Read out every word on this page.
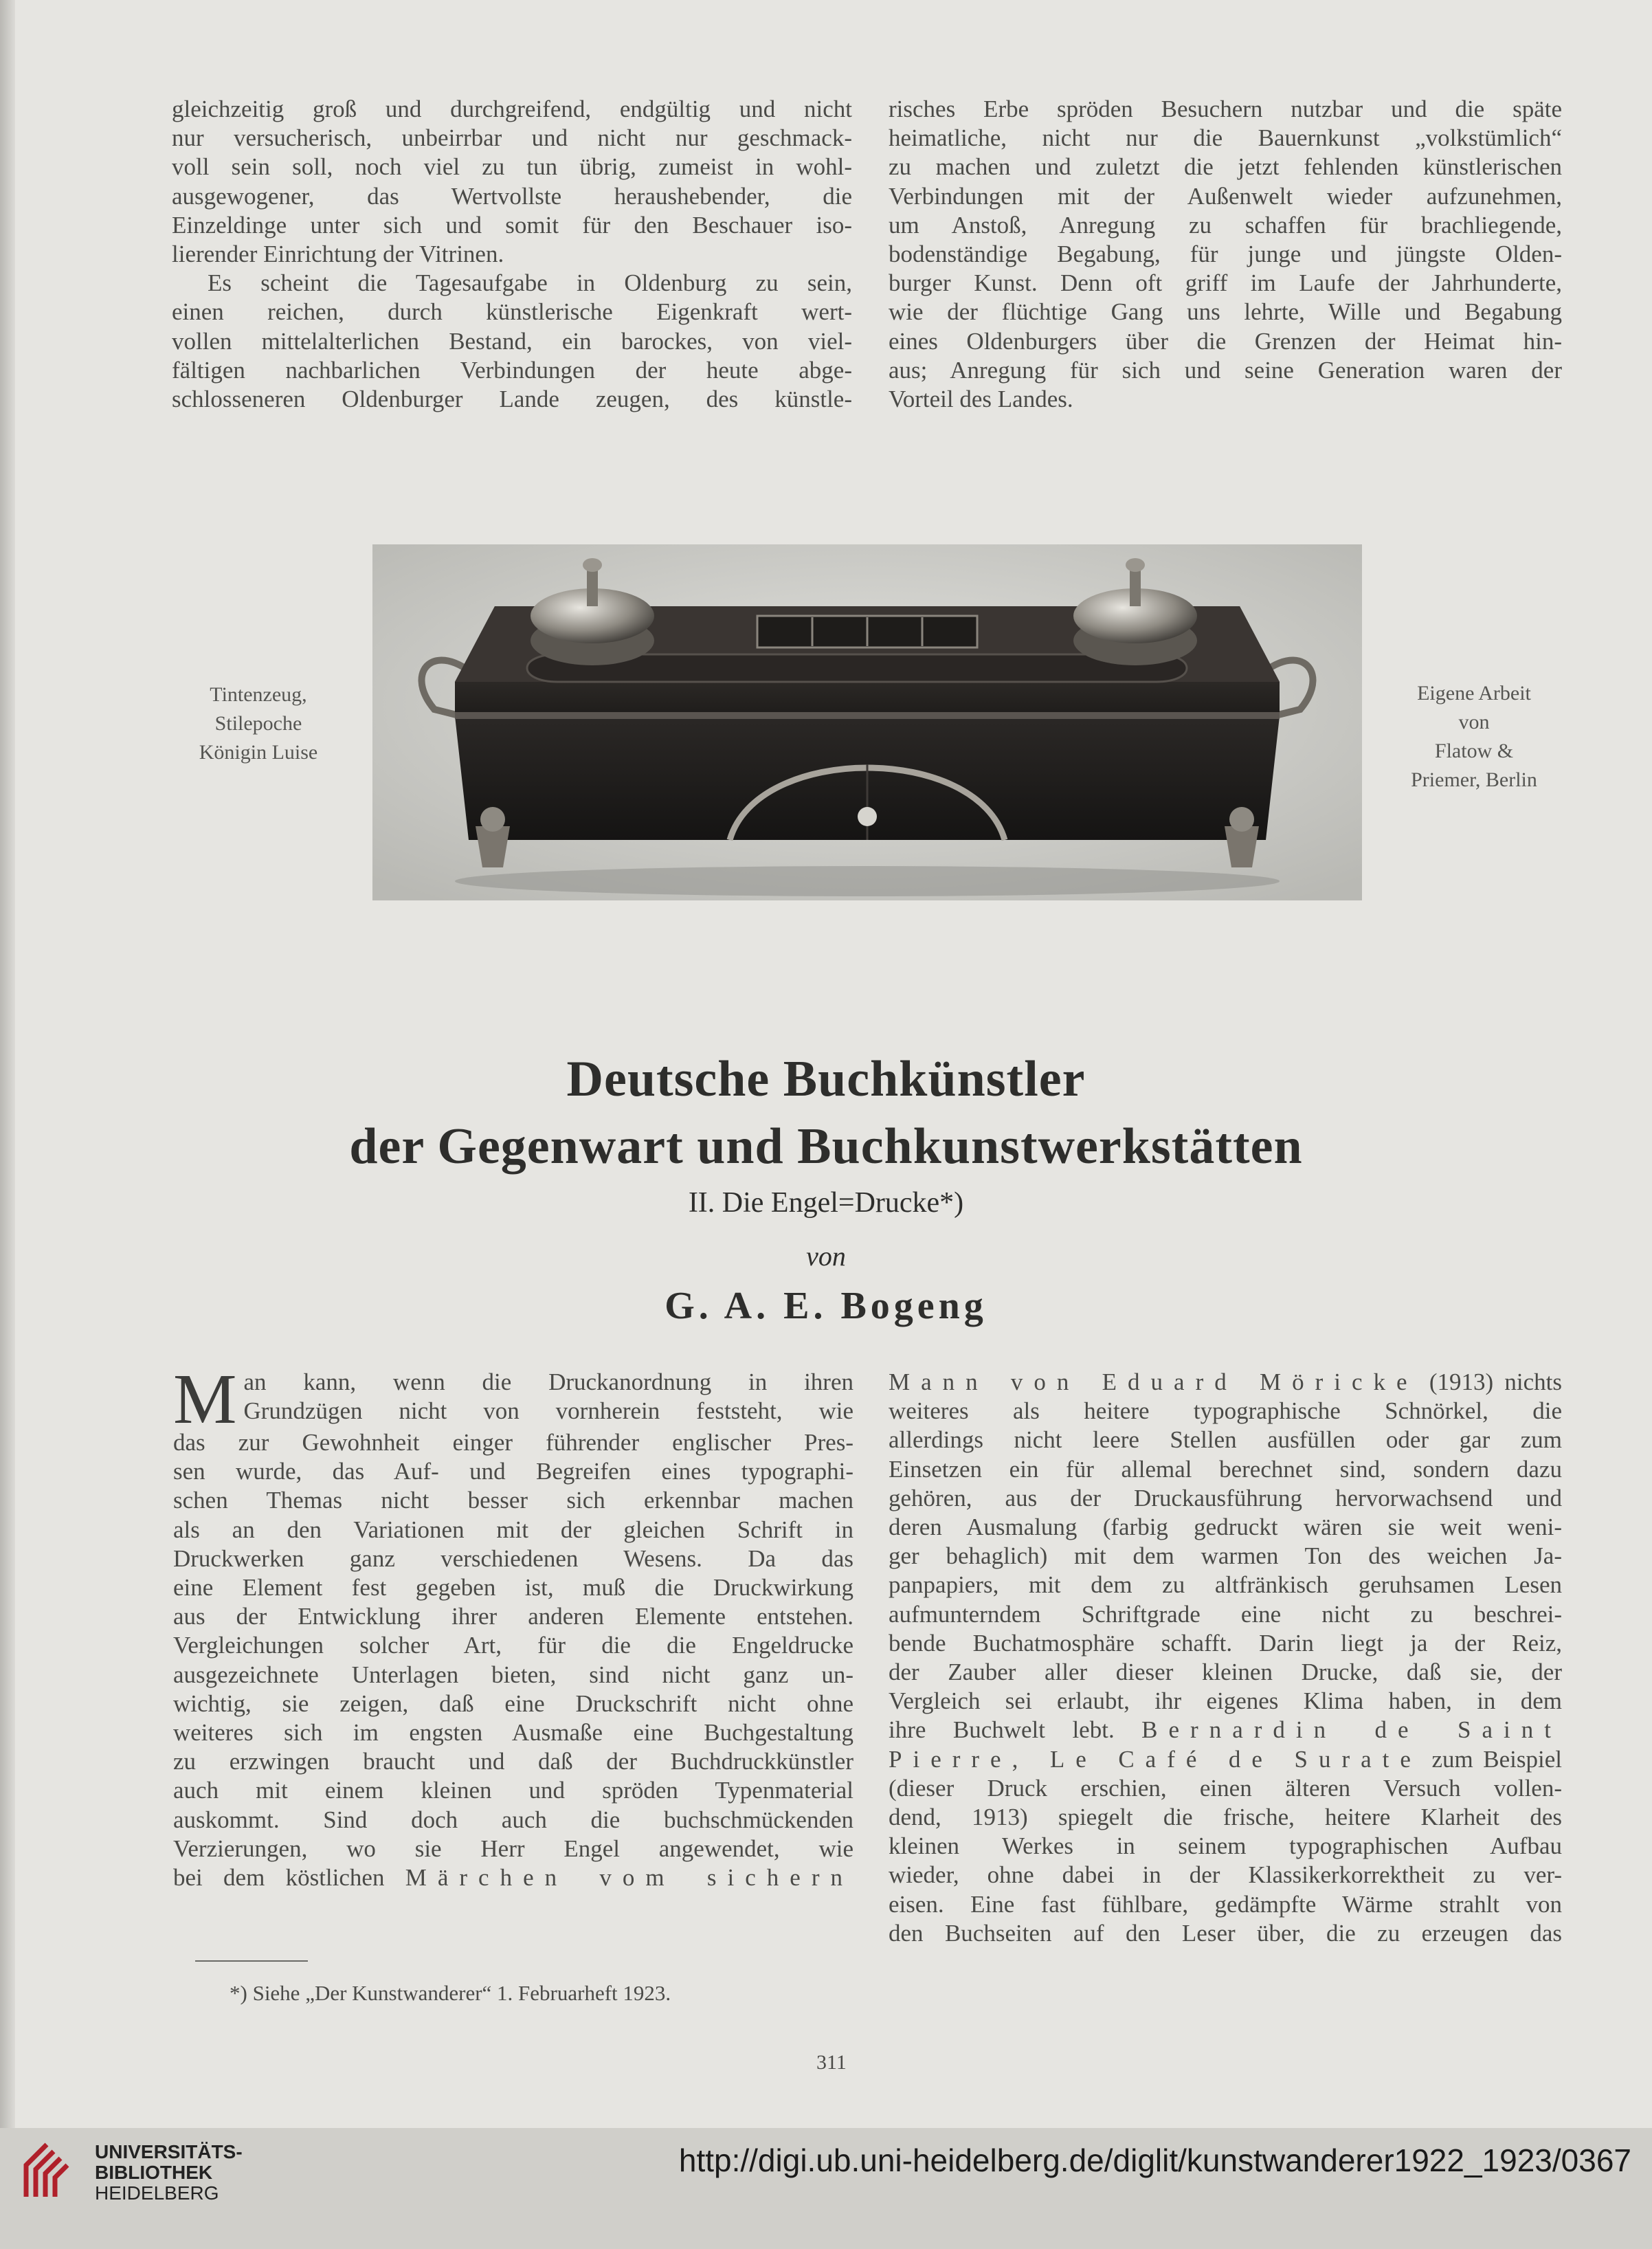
gleichzeitig groß und durchgreifend, endgültig und nicht

nur versucherisch, unbeirrbar und nicht nur geschmack-

voll sein soll, noch viel zu tun übrig, zumeist in wohl-

ausgewogener, das Wertvollste heraushebender, die

Einzeldinge unter sich und somit für den Beschauer iso-

lierender Einrichtung der Vitrinen.

Es scheint die Tagesaufgabe in Oldenburg zu sein,

einen reichen, durch künstlerische Eigenkraft wert-

vollen mittelalterlichen Bestand, ein barockes, von viel-

fältigen nachbarlichen Verbindungen der heute abge-

schlosseneren Oldenburger Lande zeugen, des künstle-

risches Erbe spröden Besuchern nutzbar und die späte

heimatliche, nicht nur die Bauernkunst „volkstümlich“

zu machen und zuletzt die jetzt fehlenden künstlerischen

Verbindungen mit der Außenwelt wieder aufzunehmen,

um Anstoß, Anregung zu schaffen für brachliegende,

bodenständige Begabung, für junge und jüngste Olden-

burger Kunst. Denn oft griff im Laufe der Jahrhunderte,

wie der flüchtige Gang uns lehrte, Wille und Begabung

eines Oldenburgers über die Grenzen der Heimat hin-

aus; Anregung für sich und seine Generation waren der

Vorteil des Landes.

Tintenzeug,
Stilepoche
Königin Luise
Eigene Arbeit
von
Flatow &
Priemer, Berlin
Deutsche Buchkünstler
der Gegenwart und Buchkunstwerkstätten
II. Die Engel=Drucke*)
von
G. A. E. Bogeng
M an kann, wenn die Druckanordnung in ihren

Grundzügen nicht von vornherein feststeht, wie

das zur Gewohnheit einger führender englischer Pres-

sen wurde, das Auf- und Begreifen eines typographi-

schen Themas nicht besser sich erkennbar machen

als an den Variationen mit der gleichen Schrift in

Druckwerken ganz verschiedenen Wesens. Da das

eine Element fest gegeben ist, muß die Druckwirkung

aus der Entwicklung ihrer anderen Elemente entstehen.

Vergleichungen solcher Art, für die die Engeldrucke

ausgezeichnete Unterlagen bieten, sind nicht ganz un-

wichtig, sie zeigen, daß eine Druckschrift nicht ohne

weiteres sich im engsten Ausmaße eine Buchgestaltung

zu erzwingen braucht und daß der Buchdruckkünstler

auch mit einem kleinen und spröden Typenmaterial

auskommt. Sind doch auch die buchschmückenden

Verzierungen, wo sie Herr Engel angewendet, wie

bei dem köstlichen Märchen vom sichern

Mann von Eduard Möricke (1913) nichts

weiteres als heitere typographische Schnörkel, die

allerdings nicht leere Stellen ausfüllen oder gar zum

Einsetzen ein für allemal berechnet sind, sondern dazu

gehören, aus der Druckausführung hervorwachsend und

deren Ausmalung (farbig gedruckt wären sie weit weni-

ger behaglich) mit dem warmen Ton des weichen Ja-

panpapiers, mit dem zu altfränkisch geruhsamen Lesen

aufmunterndem Schriftgrade eine nicht zu beschrei-

bende Buchatmosphäre schafft. Darin liegt ja der Reiz,

der Zauber aller dieser kleinen Drucke, daß sie, der

Vergleich sei erlaubt, ihr eigenes Klima haben, in dem

ihre Buchwelt lebt. Bernardin de Saint

Pierre, Le Café de Surate zum Beispiel

(dieser Druck erschien, einen älteren Versuch vollen-

dend, 1913) spiegelt die frische, heitere Klarheit des

kleinen Werkes in seinem typographischen Aufbau

wieder, ohne dabei in der Klassikerkorrektheit zu ver-

eisen. Eine fast fühlbare, gedämpfte Wärme strahlt von

den Buchseiten auf den Leser über, die zu erzeugen das

*) Siehe „Der Kunstwanderer“ 1. Februarheft 1923.
311
UNIVERSITÄTS-
BIBLIOTHEK
HEIDELBERG
http://digi.ub.uni-heidelberg.de/diglit/kunstwanderer1922_1923/0367
